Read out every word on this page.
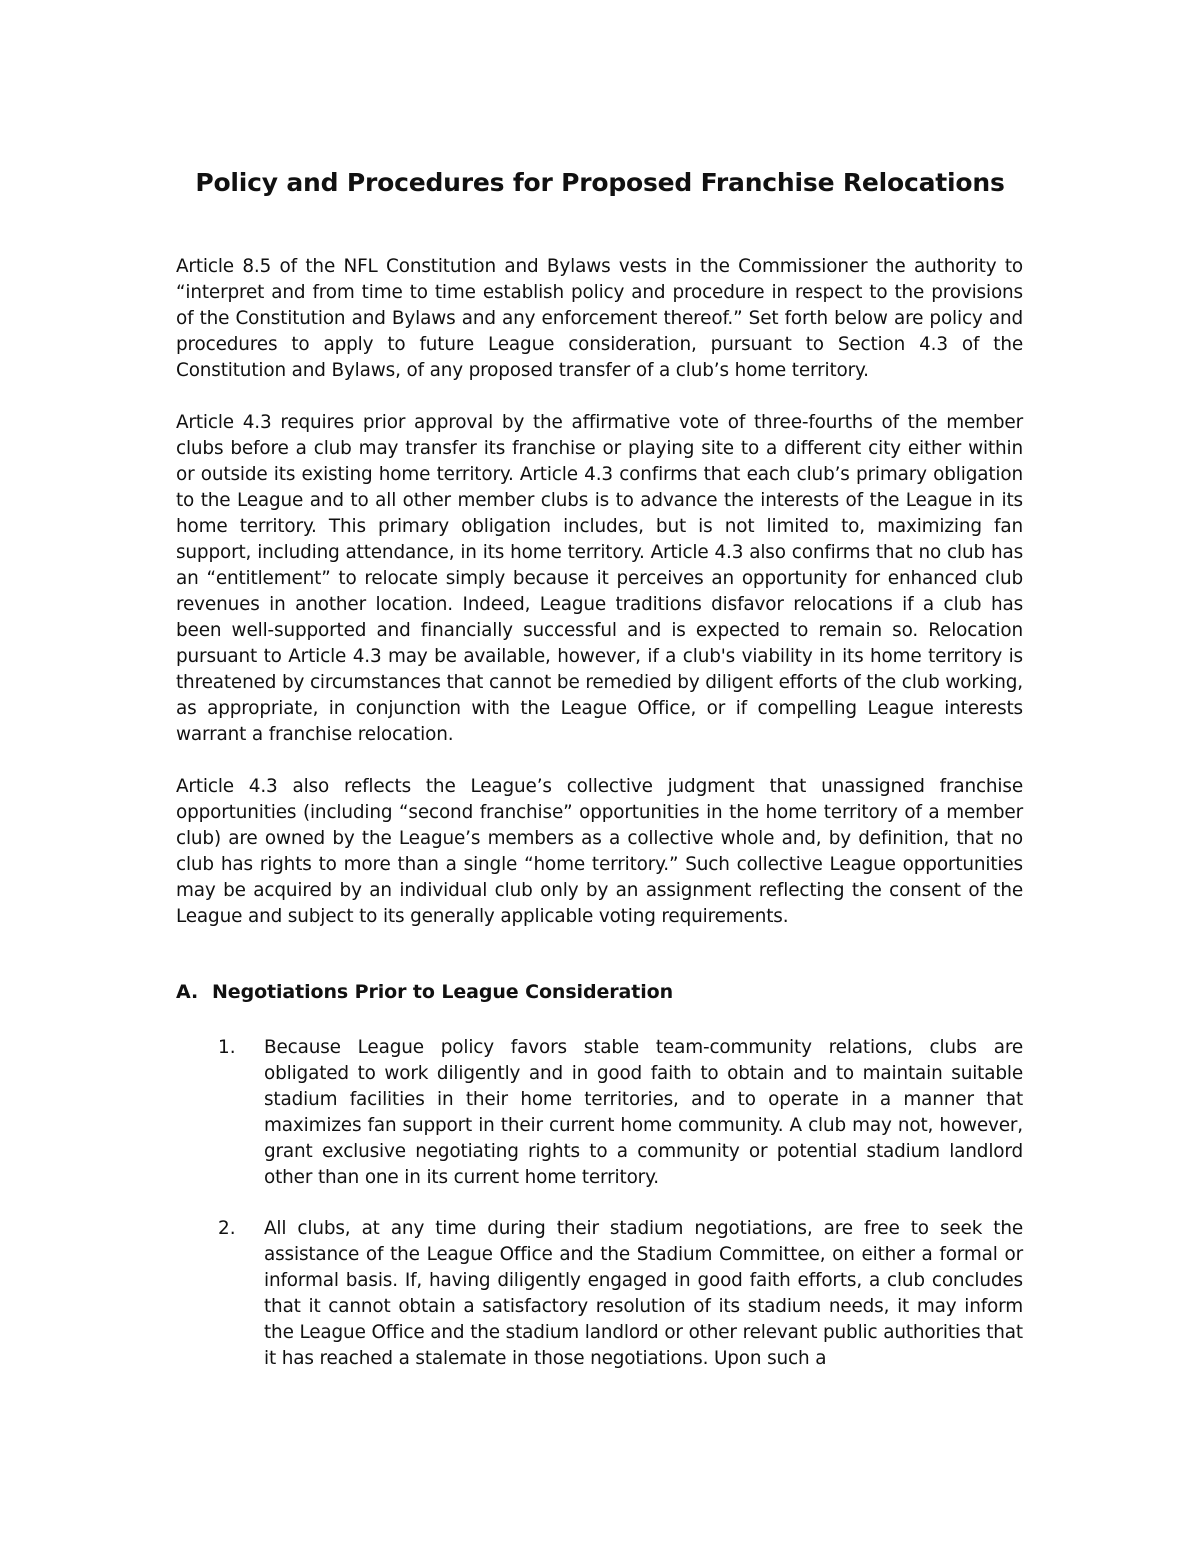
Policy and Procedures for Proposed Franchise Relocations

Article 8.5 of the NFL Constitution and Bylaws vests in the Commissioner the authority to “interpret and from time to time establish policy and procedure in respect to the provisions of the Constitution and Bylaws and any enforcement thereof.” Set forth below are policy and procedures to apply to future League consideration, pursuant to Section 4.3 of the Constitution and Bylaws, of any proposed transfer of a club’s home territory.

Article 4.3 requires prior approval by the affirmative vote of three-fourths of the member clubs before a club may transfer its franchise or playing site to a different city either within or outside its existing home territory. Article 4.3 confirms that each club’s primary obligation to the League and to all other member clubs is to advance the interests of the League in its home territory. This primary obligation includes, but is not limited to, maximizing fan support, including attendance, in its home territory. Article 4.3 also confirms that no club has an “entitlement” to relocate simply because it perceives an opportunity for enhanced club revenues in another location. Indeed, League traditions disfavor relocations if a club has been well-supported and financially successful and is expected to remain so. Relocation pursuant to Article 4.3 may be available, however, if a club's viability in its home territory is threatened by circumstances that cannot be remedied by diligent efforts of the club working, as appropriate, in conjunction with the League Office, or if compelling League interests warrant a franchise relocation.

Article 4.3 also reflects the League’s collective judgment that unassigned franchise opportunities (including “second franchise” opportunities in the home territory of a member club) are owned by the League’s members as a collective whole and, by definition, that no club has rights to more than a single “home territory.” Such collective League opportunities may be acquired by an individual club only by an assignment reflecting the consent of the League and subject to its generally applicable voting requirements.

A. Negotiations Prior to League Consideration
1. Because League policy favors stable team-community relations, clubs are obligated to work diligently and in good faith to obtain and to maintain suitable stadium facilities in their home territories, and to operate in a manner that maximizes fan support in their current home community. A club may not, however, grant exclusive negotiating rights to a community or potential stadium landlord other than one in its current home territory.

2. All clubs, at any time during their stadium negotiations, are free to seek the assistance of the League Office and the Stadium Committee, on either a formal or informal basis. If, having diligently engaged in good faith efforts, a club concludes that it cannot obtain a satisfactory resolution of its stadium needs, it may inform the League Office and the stadium landlord or other relevant public authorities that it has reached a stalemate in those negotiations. Upon such a
